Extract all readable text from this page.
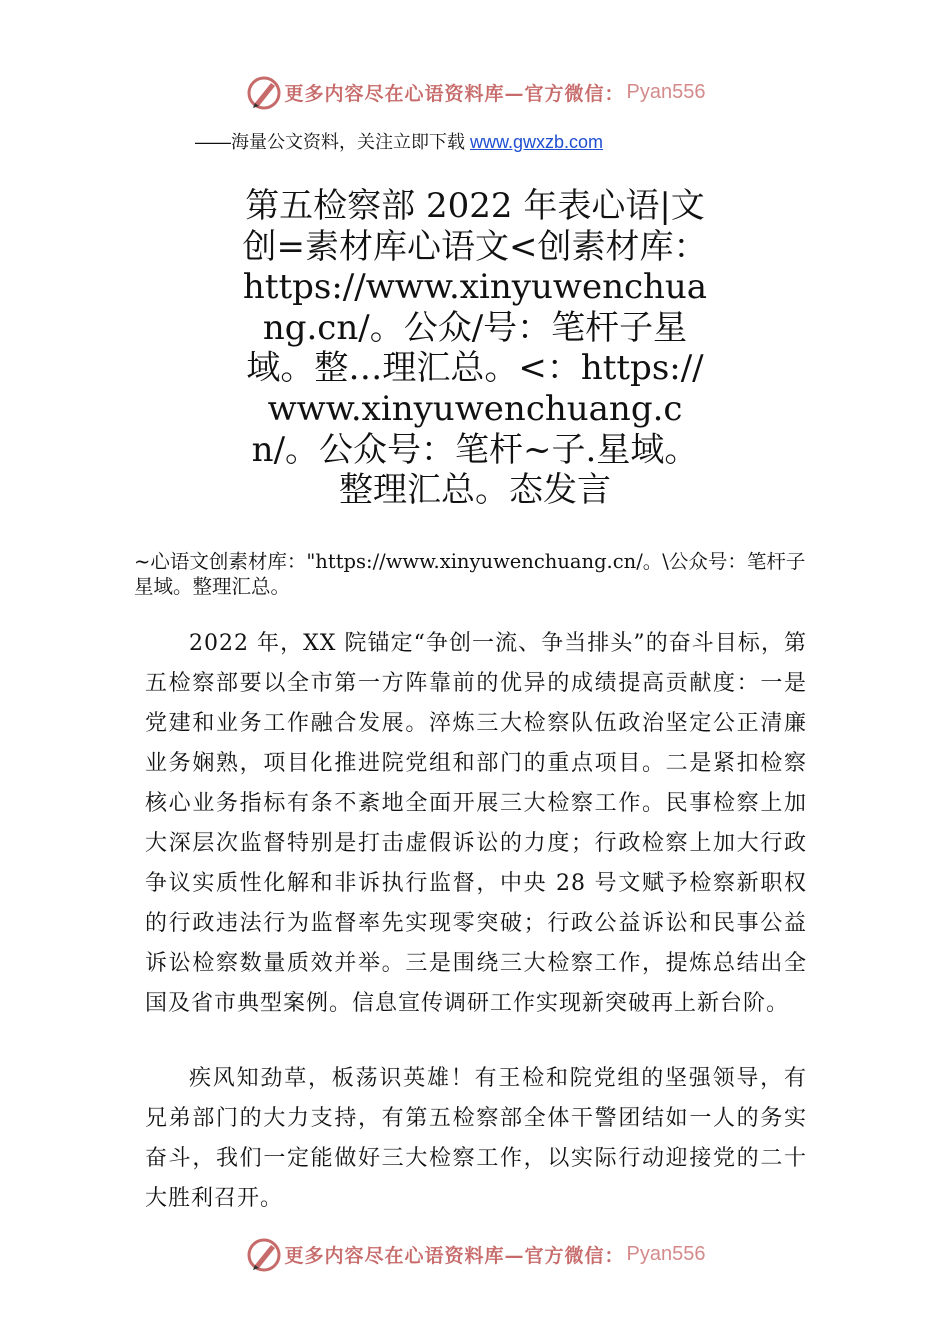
更多内容尽在心语资料库—官方微信： Pyan556
——海量公文资料，关注立即下载 www.gwxzb.com
第五检察部 2022 年表心语|文创=素材库心语文<创素材库：https://www.xinyuwenchuang.cn/。公众/号：笔杆子星域。整…理汇总。<：https://www.xinyuwenchuang.cn/。公众号：笔杆~子.星域。整理汇总。态发言
~心语文创素材库："https://www.xinyuwenchuang.cn/。\公众号：笔杆子星域。整理汇总。

2022 年，XX 院锚定“争创一流、争当排头”的奋斗目标，第五检察部要以全市第一方阵靠前的优异的成绩提高贡献度：一是党建和业务工作融合发展。淬炼三大检察队伍政治坚定公正清廉业务娴熟，项目化推进院党组和部门的重点项目。二是紧扣检察核心业务指标有条不紊地全面开展三大检察工作。民事检察上加大深层次监督特别是打击虚假诉讼的力度；行政检察上加大行政争议实质性化解和非诉执行监督，中央 28 号文赋予检察新职权的行政违法行为监督率先实现零突破；行政公益诉讼和民事公益诉讼检察数量质效并举。三是围绕三大检察工作，提炼总结出全国及省市典型案例。信息宣传调研工作实现新突破再上新台阶。

疾风知劲草，板荡识英雄！有王检和院党组的坚强领导，有兄弟部门的大力支持，有第五检察部全体干警团结如一人的务实奋斗，我们一定能做好三大检察工作，以实际行动迎接党的二十大胜利召开。

更多内容尽在心语资料库—官方微信： Pyan556
